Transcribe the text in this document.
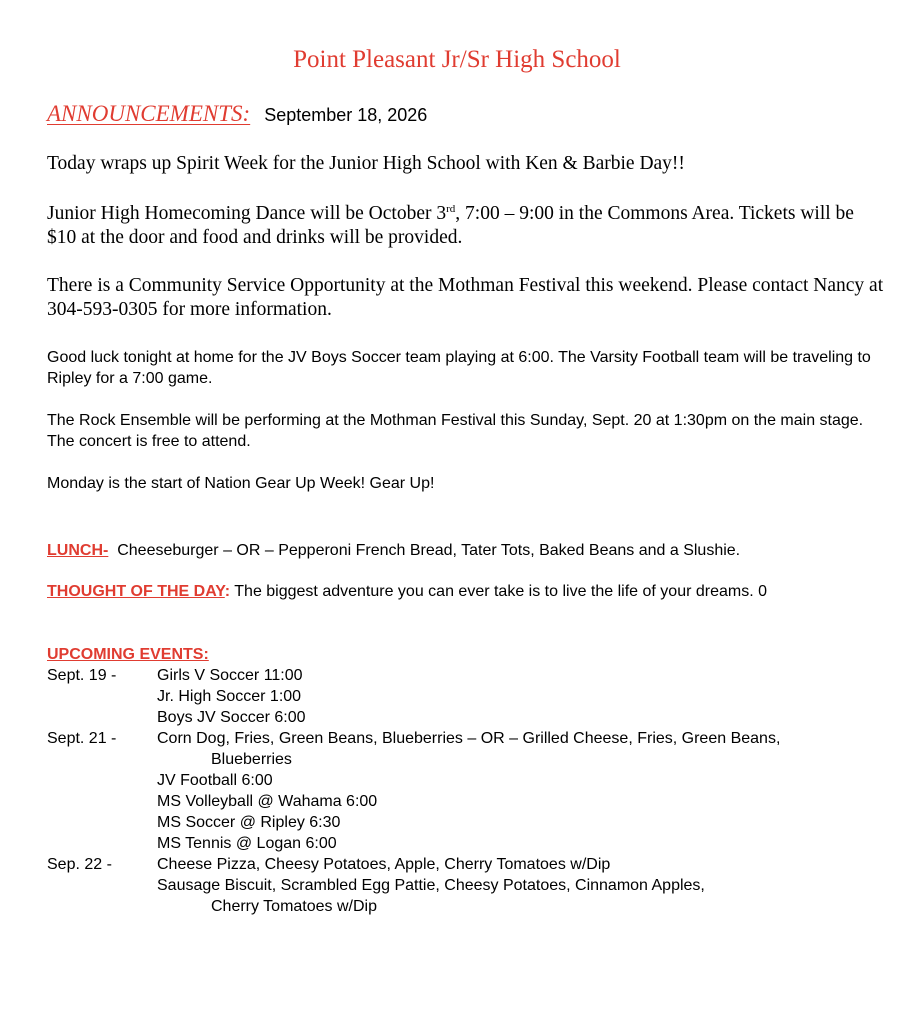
Point Pleasant Jr/Sr High School
ANNOUNCEMENTS: September 18, 2026

Today wraps up Spirit Week for the Junior High School with Ken & Barbie Day!!

Junior High Homecoming Dance will be October 3rd, 7:00 – 9:00 in the Commons Area. Tickets will be $10 at the door and food and drinks will be provided.

There is a Community Service Opportunity at the Mothman Festival this weekend. Please contact Nancy at 304-593-0305 for more information.

Good luck tonight at home for the JV Boys Soccer team playing at 6:00. The Varsity Football team will be traveling to Ripley for a 7:00 game.

The Rock Ensemble will be performing at the Mothman Festival this Sunday, Sept. 20 at 1:30pm on the main stage. The concert is free to attend.

Monday is the start of Nation Gear Up Week! Gear Up!

LUNCH- Cheeseburger – OR – Pepperoni French Bread, Tater Tots, Baked Beans and a Slushie.

THOUGHT OF THE DAY: The biggest adventure you can ever take is to live the life of your dreams. 0

UPCOMING EVENTS:

Sept. 19 -	Girls V Soccer 11:00
Jr. High Soccer 1:00
Boys JV Soccer 6:00
Sept. 21 -	Corn Dog, Fries, Green Beans, Blueberries – OR – Grilled Cheese, Fries, Green Beans,
Blueberries
JV Football 6:00
MS Volleyball @ Wahama 6:00
MS Soccer @ Ripley 6:30
MS Tennis @ Logan 6:00
Sep. 22 -	Cheese Pizza, Cheesy Potatoes, Apple, Cherry Tomatoes w/Dip
Sausage Biscuit, Scrambled Egg Pattie, Cheesy Potatoes, Cinnamon Apples,
Cherry Tomatoes w/Dip
